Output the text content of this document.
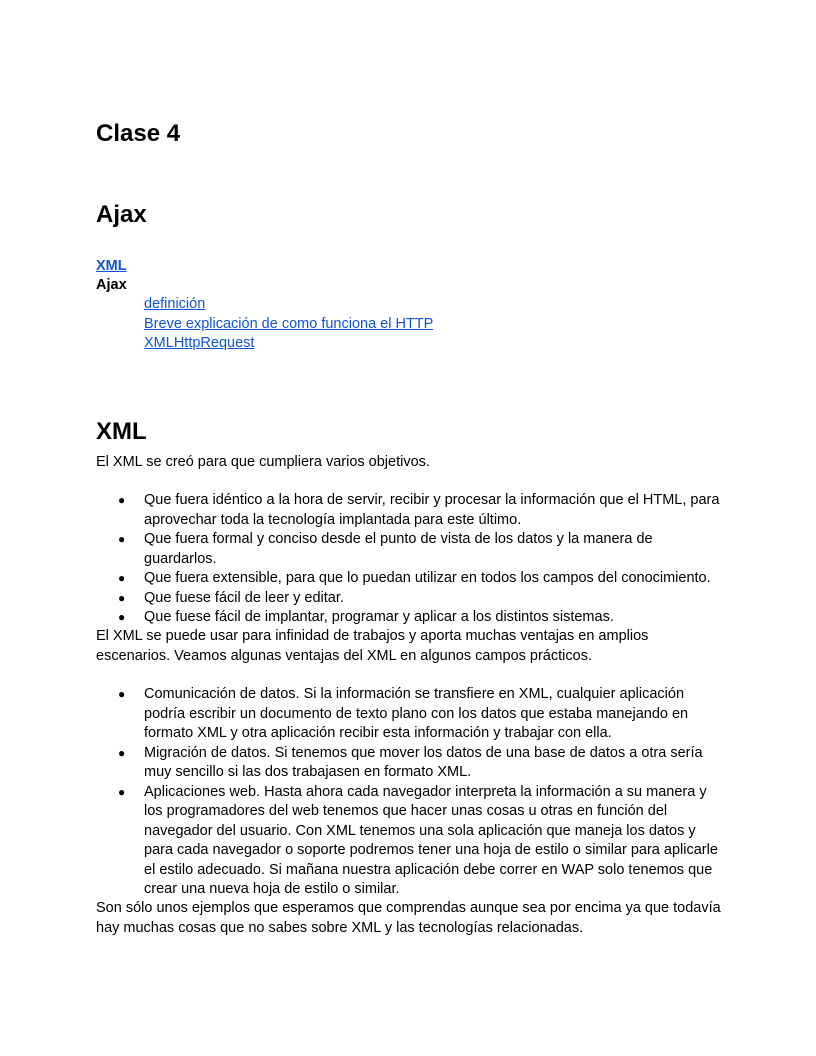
Clase 4
Ajax
XML
Ajax
definición
Breve explicación de como funciona el HTTP
XMLHttpRequest
XML

El XML se creó para que cumpliera varios objetivos.

● Que fuera idéntico a la hora de servir, recibir y procesar la información que el HTML, para aprovechar toda la tecnología implantada para este último.
● Que fuera formal y conciso desde el punto de vista de los datos y la manera de guardarlos.
● Que fuera extensible, para que lo puedan utilizar en todos los campos del conocimiento.
● Que fuese fácil de leer y editar.
● Que fuese fácil de implantar, programar y aplicar a los distintos sistemas.

El XML se puede usar para infinidad de trabajos y aporta muchas ventajas en amplios escenarios. Veamos algunas ventajas del XML en algunos campos prácticos.

● Comunicación de datos. Si la información se transfiere en XML, cualquier aplicación podría escribir un documento de texto plano con los datos que estaba manejando en formato XML y otra aplicación recibir esta información y trabajar con ella.
● Migración de datos. Si tenemos que mover los datos de una base de datos a otra sería muy sencillo si las dos trabajasen en formato XML.
● Aplicaciones web. Hasta ahora cada navegador interpreta la información a su manera y los programadores del web tenemos que hacer unas cosas u otras en función del navegador del usuario. Con XML tenemos una sola aplicación que maneja los datos y para cada navegador o soporte podremos tener una hoja de estilo o similar para aplicarle el estilo adecuado. Si mañana nuestra aplicación debe correr en WAP solo tenemos que crear una nueva hoja de estilo o similar.

Son sólo unos ejemplos que esperamos que comprendas aunque sea por encima ya que todavía hay muchas cosas que no sabes sobre XML y las tecnologías relacionadas.
